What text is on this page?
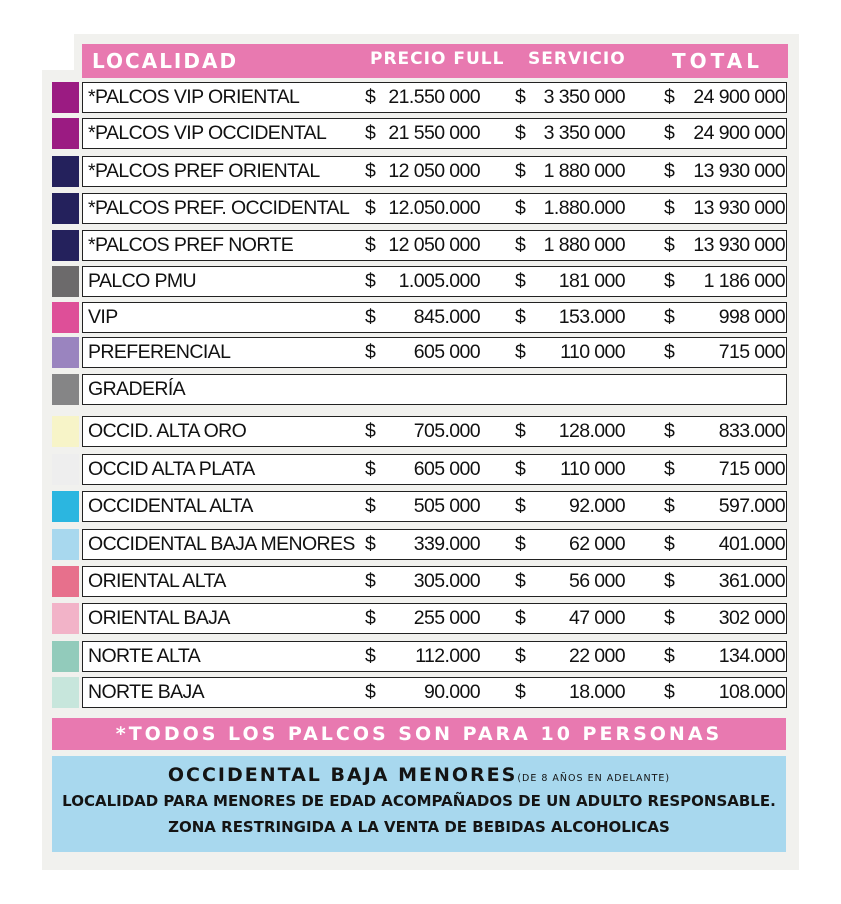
LOCALIDAD	PRECIO FULL SERVICIO TOTAL
*PALCOS VIP ORIENTAL	$ 21.550 000 $ 3 350 000 $ 24 900 000
*PALCOS VIP OCCIDENTAL $ 21 550 000 $ 3 350 000 $ 24 900 000
*PALCOS PREF ORIENTAL $ 12 050 000 $ 1 880 000 $ 13 930 000
*PALCOS PREF. OCCIDENTAL $ 12.050.000 $ 1.880.000 $ 13 930 000
*PALCOS PREF NORTE	$ 12 050 000 $ 1 880 000 $ 13 930 000
PALCO PMU	$	1.005.000 $	181 000 $	1 186 000
VIP	$	845.000 $	153.000 $	998 000
PREFERENCIAL	$	605 000 $	110 000 $	715 000
GRADERÍA
OCCID. ALTA ORO	$	705.000 $	128.000 $	833.000
OCCID ALTA PLATA	$	605 000 $	110 000 $	715 000
OCCIDENTAL ALTA	$	505 000 $	92.000 $	597.000
OCCIDENTAL BAJA MENORES $	339.000 $	62 000 $	401.000
ORIENTAL ALTA	$	305.000 $	56 000 $	361.000
ORIENTAL BAJA	$	255 000 $	47 000 $	302 000
NORTE ALTA	$	112.000 $	22 000 $	134.000
NORTE BAJA	$	90.000 $	18.000 $	108.000
*TODOS LOS PALCOS SON PARA 10 PERSONAS
OCCIDENTAL BAJA MENORES(DE 8 AÑOS EN ADELANTE)
LOCALIDAD PARA MENORES DE EDAD ACOMPAÑADOS DE UN ADULTO RESPONSABLE.
ZONA RESTRINGIDA A LA VENTA DE BEBIDAS ALCOHOLICAS
